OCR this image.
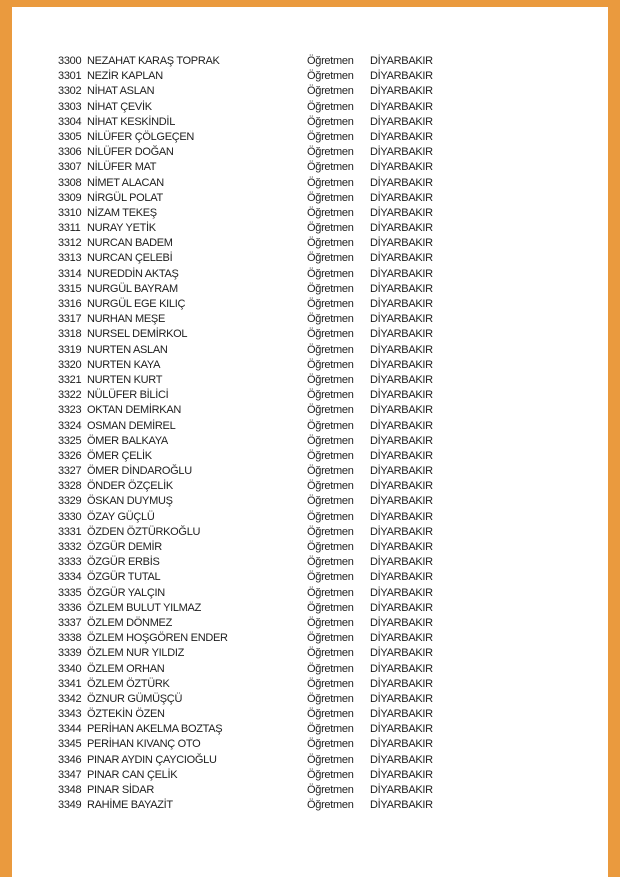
3300 NEZAHAT KARAŞ TOPRAK	Öğretmen	DİYARBAKIR
3301 NEZİR KAPLAN	Öğretmen	DİYARBAKIR
3302 NİHAT ASLAN	Öğretmen	DİYARBAKIR
3303 NİHAT ÇEVİK	Öğretmen	DİYARBAKIR
3304 NİHAT KESKİNDİL	Öğretmen	DİYARBAKIR
3305 NİLÜFER ÇÖLGEÇEN	Öğretmen	DİYARBAKIR
3306 NİLÜFER DOĞAN	Öğretmen	DİYARBAKIR
3307 NİLÜFER MAT	Öğretmen	DİYARBAKIR
3308 NİMET ALACAN	Öğretmen	DİYARBAKIR
3309 NİRGÜL POLAT	Öğretmen	DİYARBAKIR
3310 NİZAM TEKEŞ	Öğretmen	DİYARBAKIR
3311 NURAY YETİK	Öğretmen	DİYARBAKIR
3312 NURCAN BADEM	Öğretmen	DİYARBAKIR
3313 NURCAN ÇELEBİ	Öğretmen	DİYARBAKIR
3314 NUREDDİN AKTAŞ	Öğretmen	DİYARBAKIR
3315 NURGÜL BAYRAM	Öğretmen	DİYARBAKIR
3316 NURGÜL EGE KILIÇ	Öğretmen	DİYARBAKIR
3317 NURHAN MEŞE	Öğretmen	DİYARBAKIR
3318 NURSEL DEMİRKOL	Öğretmen	DİYARBAKIR
3319 NURTEN ASLAN	Öğretmen	DİYARBAKIR
3320 NURTEN KAYA	Öğretmen	DİYARBAKIR
3321 NURTEN KURT	Öğretmen	DİYARBAKIR
3322 NÜLÜFER BİLİCİ	Öğretmen	DİYARBAKIR
3323 OKTAN DEMİRKAN	Öğretmen	DİYARBAKIR
3324 OSMAN DEMİREL	Öğretmen	DİYARBAKIR
3325 ÖMER BALKAYA	Öğretmen	DİYARBAKIR
3326 ÖMER ÇELİK	Öğretmen	DİYARBAKIR
3327 ÖMER DİNDAROĞLU	Öğretmen	DİYARBAKIR
3328 ÖNDER ÖZÇELİK	Öğretmen	DİYARBAKIR
3329 ÖSKAN DUYMUŞ	Öğretmen	DİYARBAKIR
3330 ÖZAY GÜÇLÜ	Öğretmen	DİYARBAKIR
3331 ÖZDEN ÖZTÜRKOĞLU	Öğretmen	DİYARBAKIR
3332 ÖZGÜR DEMİR	Öğretmen	DİYARBAKIR
3333 ÖZGÜR ERBİS	Öğretmen	DİYARBAKIR
3334 ÖZGÜR TUTAL	Öğretmen	DİYARBAKIR
3335 ÖZGÜR YALÇIN	Öğretmen	DİYARBAKIR
3336 ÖZLEM BULUT YILMAZ	Öğretmen	DİYARBAKIR
3337 ÖZLEM DÖNMEZ	Öğretmen	DİYARBAKIR
3338 ÖZLEM HOŞGÖREN ENDER	Öğretmen	DİYARBAKIR
3339 ÖZLEM NUR YILDIZ	Öğretmen	DİYARBAKIR
3340 ÖZLEM ORHAN	Öğretmen	DİYARBAKIR
3341 ÖZLEM ÖZTÜRK	Öğretmen	DİYARBAKIR
3342 ÖZNUR GÜMÜŞÇÜ	Öğretmen	DİYARBAKIR
3343 ÖZTEKİN ÖZEN	Öğretmen	DİYARBAKIR
3344 PERİHAN AKELMA BOZTAŞ	Öğretmen	DİYARBAKIR
3345 PERİHAN KIVANÇ OTO	Öğretmen	DİYARBAKIR
3346 PINAR AYDIN ÇAYCIOĞLU	Öğretmen	DİYARBAKIR
3347 PINAR CAN ÇELİK	Öğretmen	DİYARBAKIR
3348 PINAR SİDAR	Öğretmen	DİYARBAKIR
3349 RAHİME BAYAZİT	Öğretmen	DİYARBAKIR
